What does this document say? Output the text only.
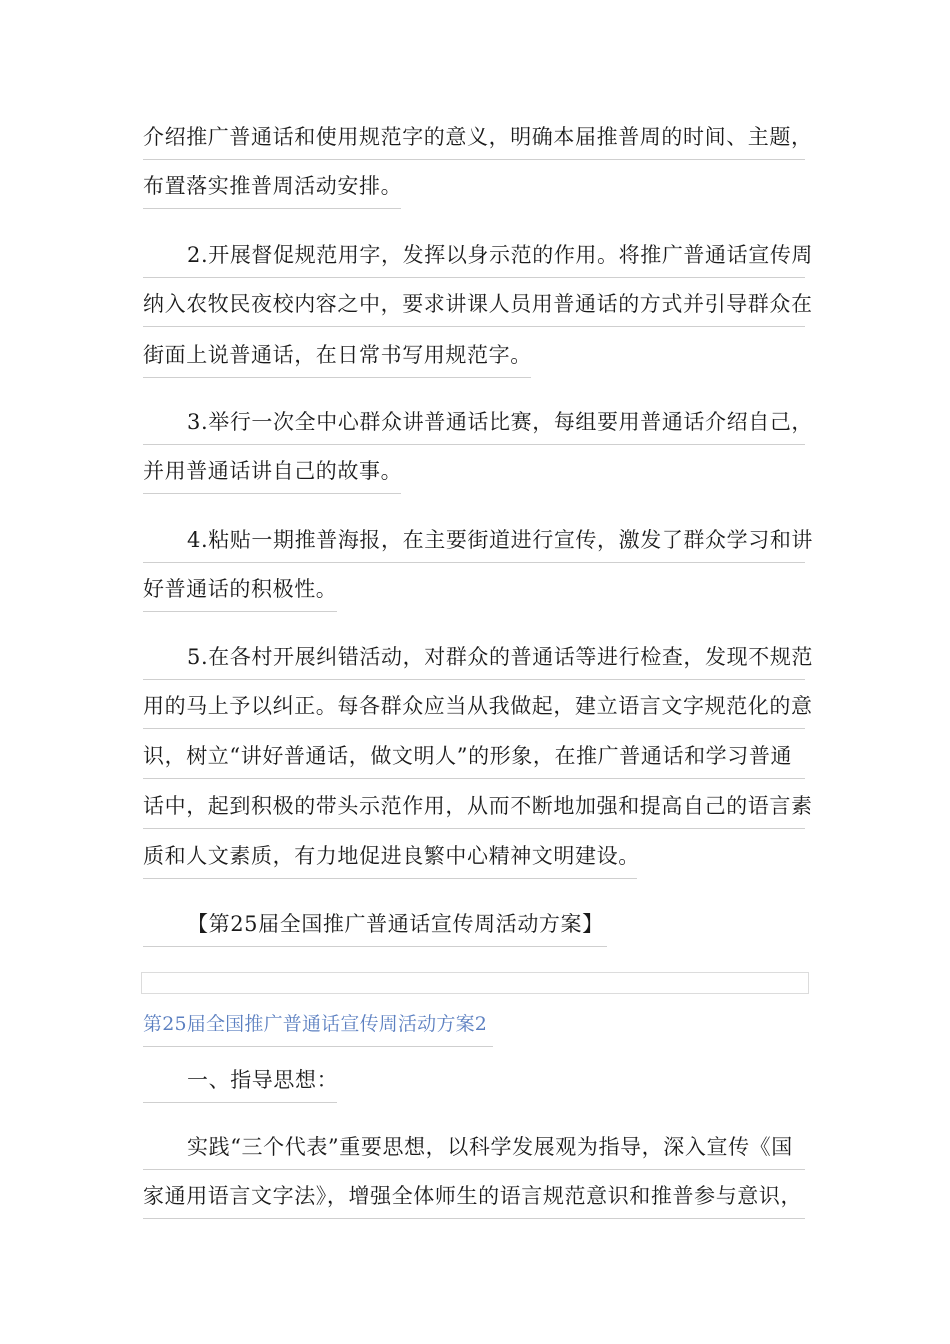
介绍推广普通话和使用规范字的意义，明确本届推普周的时间、主题，
布置落实推普周活动安排。
2.开展督促规范用字，发挥以身示范的作用。将推广普通话宣传周
纳入农牧民夜校内容之中，要求讲课人员用普通话的方式并引导群众在
街面上说普通话，在日常书写用规范字。
3.举行一次全中心群众讲普通话比赛，每组要用普通话介绍自己，
并用普通话讲自己的故事。
4.粘贴一期推普海报，在主要街道进行宣传，激发了群众学习和讲
好普通话的积极性。
5.在各村开展纠错活动，对群众的普通话等进行检查，发现不规范
用的马上予以纠正。每各群众应当从我做起，建立语言文字规范化的意
识，树立“讲好普通话，做文明人”的形象，在推广普通话和学习普通
话中，起到积极的带头示范作用，从而不断地加强和提高自己的语言素
质和人文素质，有力地促进良繁中心精神文明建设。
【第25届全国推广普通话宣传周活动方案】
第25届全国推广普通话宣传周活动方案2
一、指导思想：
实践“三个代表”重要思想，以科学发展观为指导，深入宣传《国
家通用语言文字法》，增强全体师生的语言规范意识和推普参与意识，
